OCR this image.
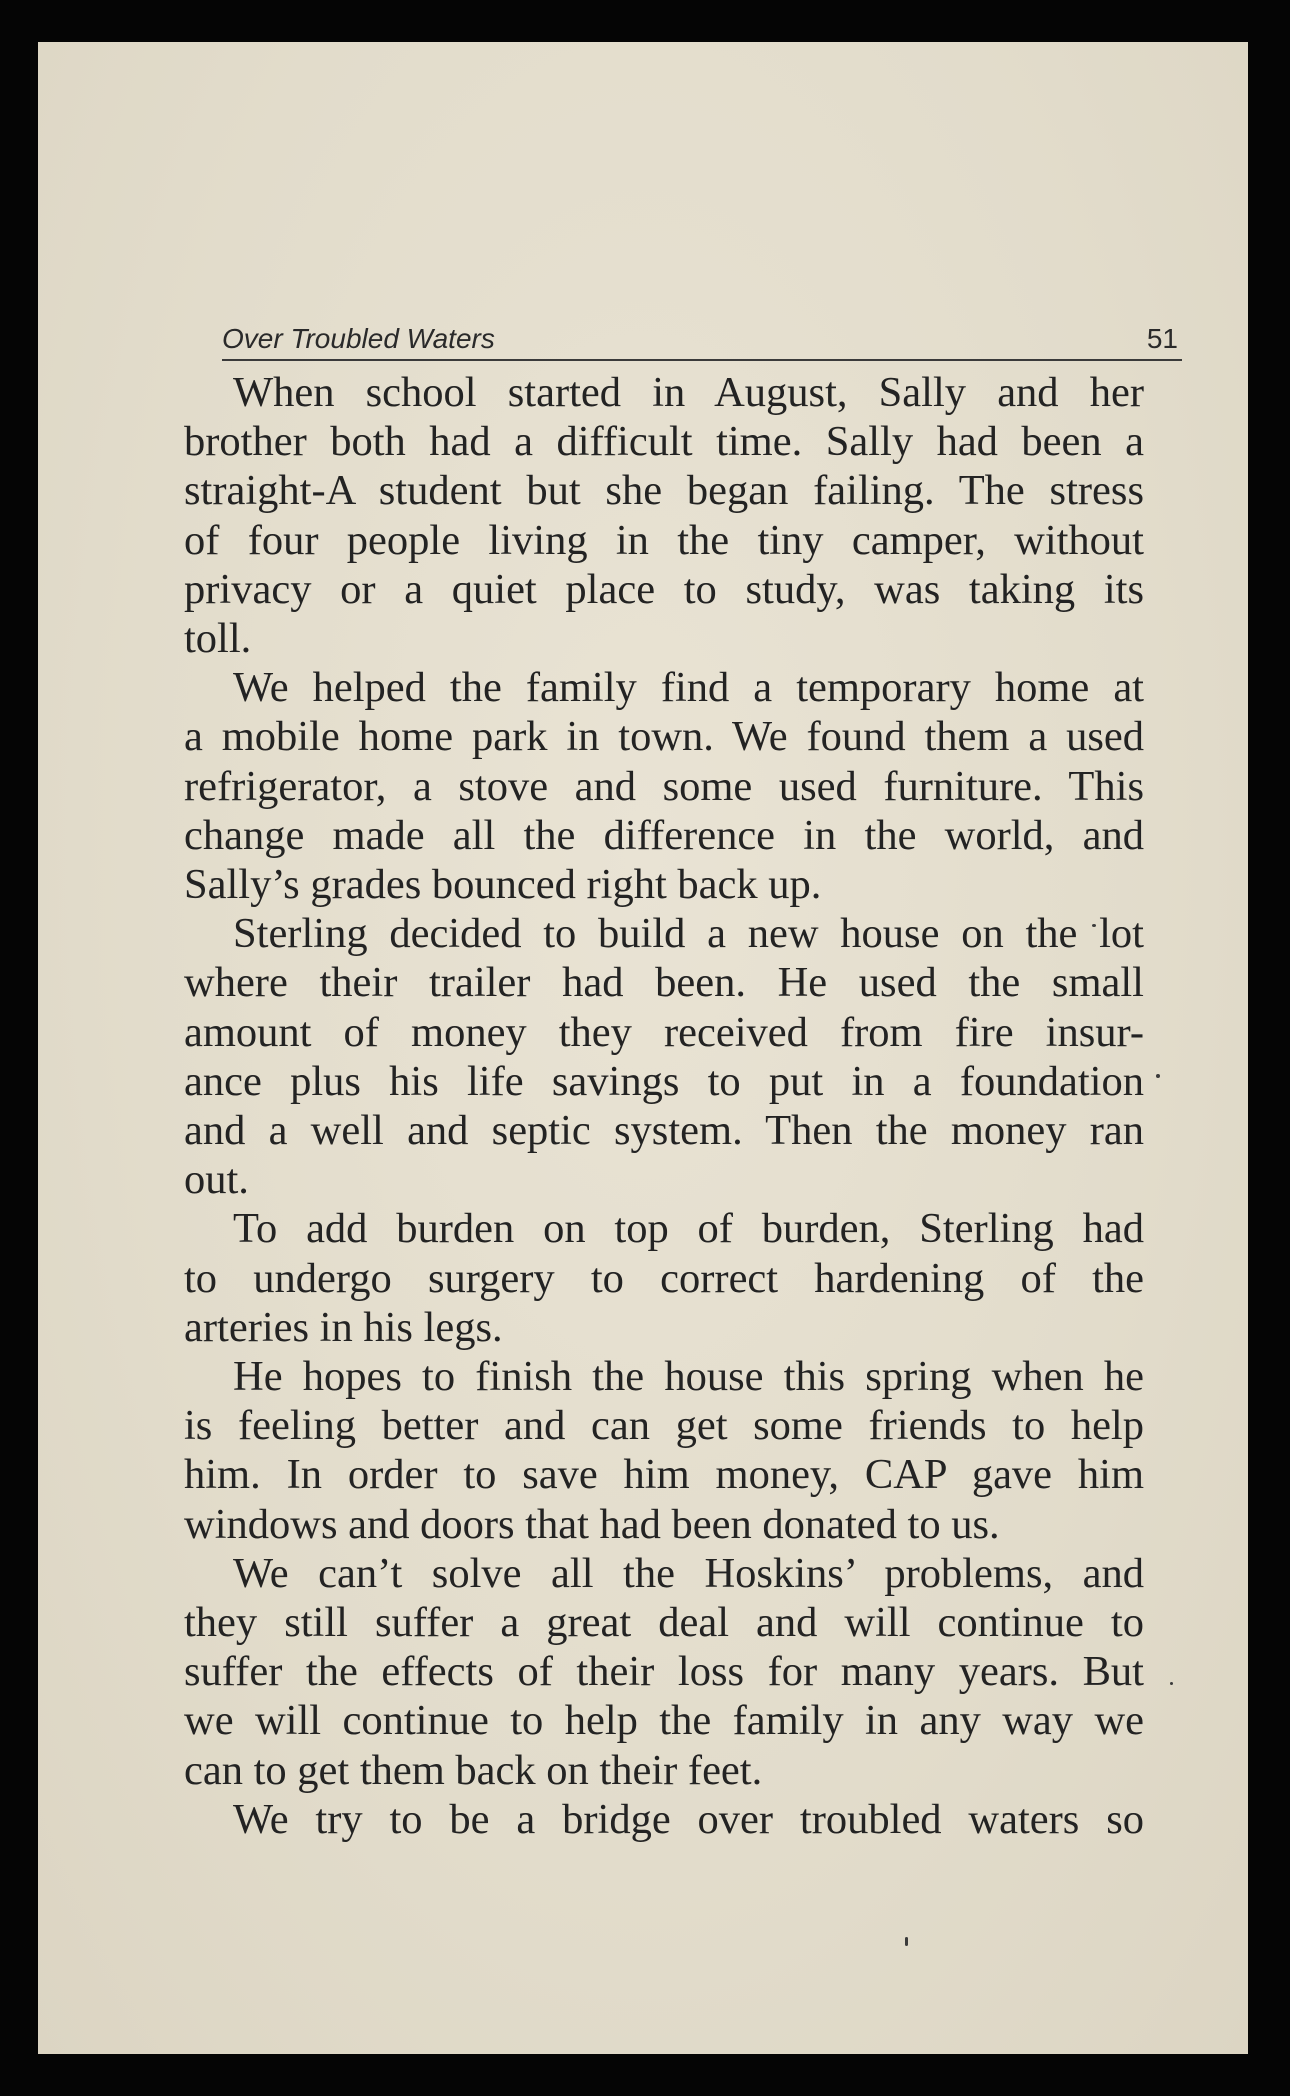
Over Troubled Waters	51
When school started in August, Sally and her
brother both had a difficult time. Sally had been a
straight-A student but she began failing. The stress
of four people living in the tiny camper, without
privacy or a quiet place to study, was taking its
toll.
We helped the family find a temporary home at
a mobile home park in town. We found them a used
refrigerator, a stove and some used furniture. This
change made all the difference in the world, and
Sally’s grades bounced right back up.
Sterling decided to build a new house on the lot
where their trailer had been. He used the small
amount of money they received from fire insur-
ance plus his life savings to put in a foundation
and a well and septic system. Then the money ran
out.
To add burden on top of burden, Sterling had
to undergo surgery to correct hardening of the
arteries in his legs.
He hopes to finish the house this spring when he
is feeling better and can get some friends to help
him. In order to save him money, CAP gave him
windows and doors that had been donated to us.
We can’t solve all the Hoskins’ problems, and
they still suffer a great deal and will continue to
suffer the effects of their loss for many years. But
we will continue to help the family in any way we
can to get them back on their feet.
We try to be a bridge over troubled waters so
